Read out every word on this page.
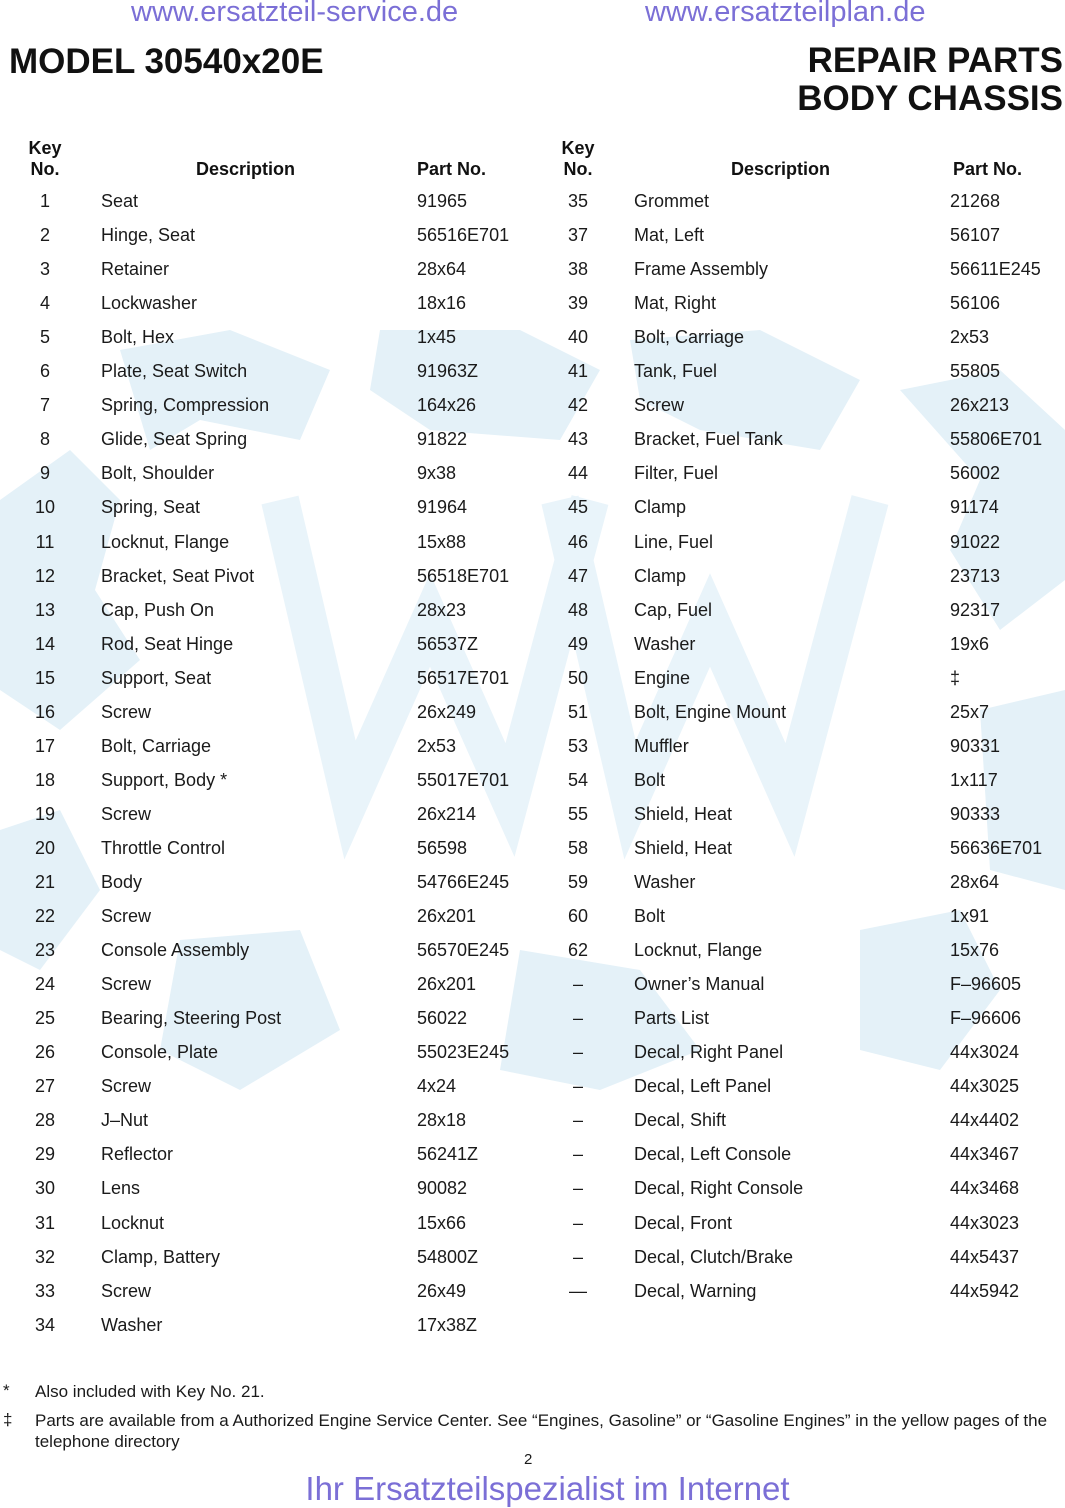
www.ersatzteil-service.de	www.ersatzteilplan.de
MODEL 30540x20E	REPAIR PARTS
BODY CHASSIS
Key
No.	Description	Part No.
Key
No.	Description	Part No.
1	Seat	91965
2	Hinge, Seat	56516E701
3	Retainer	28x64
4	Lockwasher	18x16
5	Bolt, Hex	1x45
6	Plate, Seat Switch	91963Z
7	Spring, Compression	164x26
8	Glide, Seat Spring	91822
9	Bolt, Shoulder	9x38
10	Spring, Seat	91964
11	Locknut, Flange	15x88
12	Bracket, Seat Pivot	56518E701
13	Cap, Push On	28x23
14	Rod, Seat Hinge	56537Z
15	Support, Seat	56517E701
16	Screw	26x249
17	Bolt, Carriage	2x53
18	Support, Body *	55017E701
19	Screw	26x214
20	Throttle Control	56598
21	Body	54766E245
22	Screw	26x201
23	Console Assembly	56570E245
24	Screw	26x201
25	Bearing, Steering Post	56022
26	Console, Plate	55023E245
27	Screw	4x24
28	J–Nut	28x18
29	Reflector	56241Z
30	Lens	90082
31	Locknut	15x66
32	Clamp, Battery	54800Z
33	Screw	26x49
34	Washer	17x38Z
35	Grommet	21268
37	Mat, Left	56107
38	Frame Assembly	56611E245
39	Mat, Right	56106
40	Bolt, Carriage	2x53
41	Tank, Fuel	55805
42	Screw	26x213
43	Bracket, Fuel Tank	55806E701
44	Filter, Fuel	56002
45	Clamp	91174
46	Line, Fuel	91022
47	Clamp	23713
48	Cap, Fuel	92317
49	Washer	19x6
50	Engine	‡
51	Bolt, Engine Mount	25x7
53	Muffler	90331
54	Bolt	1x117
55	Shield, Heat	90333
58	Shield, Heat	56636E701
59	Washer	28x64
60	Bolt	1x91
62	Locknut, Flange	15x76
–	Owner’s Manual	F–96605
–	Parts List	F–96606
–	Decal, Right Panel	44x3024
–	Decal, Left Panel	44x3025
–	Decal, Shift	44x4402
–	Decal, Left Console	44x3467
–	Decal, Right Console	44x3468
–	Decal, Front	44x3023
–	Decal, Clutch/Brake	44x5437
—	Decal, Warning	44x5942
* Also included with Key No. 21.
‡ Parts are available from a Authorized Engine Service Center. See “Engines, Gasoline” or “Gasoline Engines” in the yellow pages of the telephone directory
2
Ihr Ersatzteilspezialist im Internet
